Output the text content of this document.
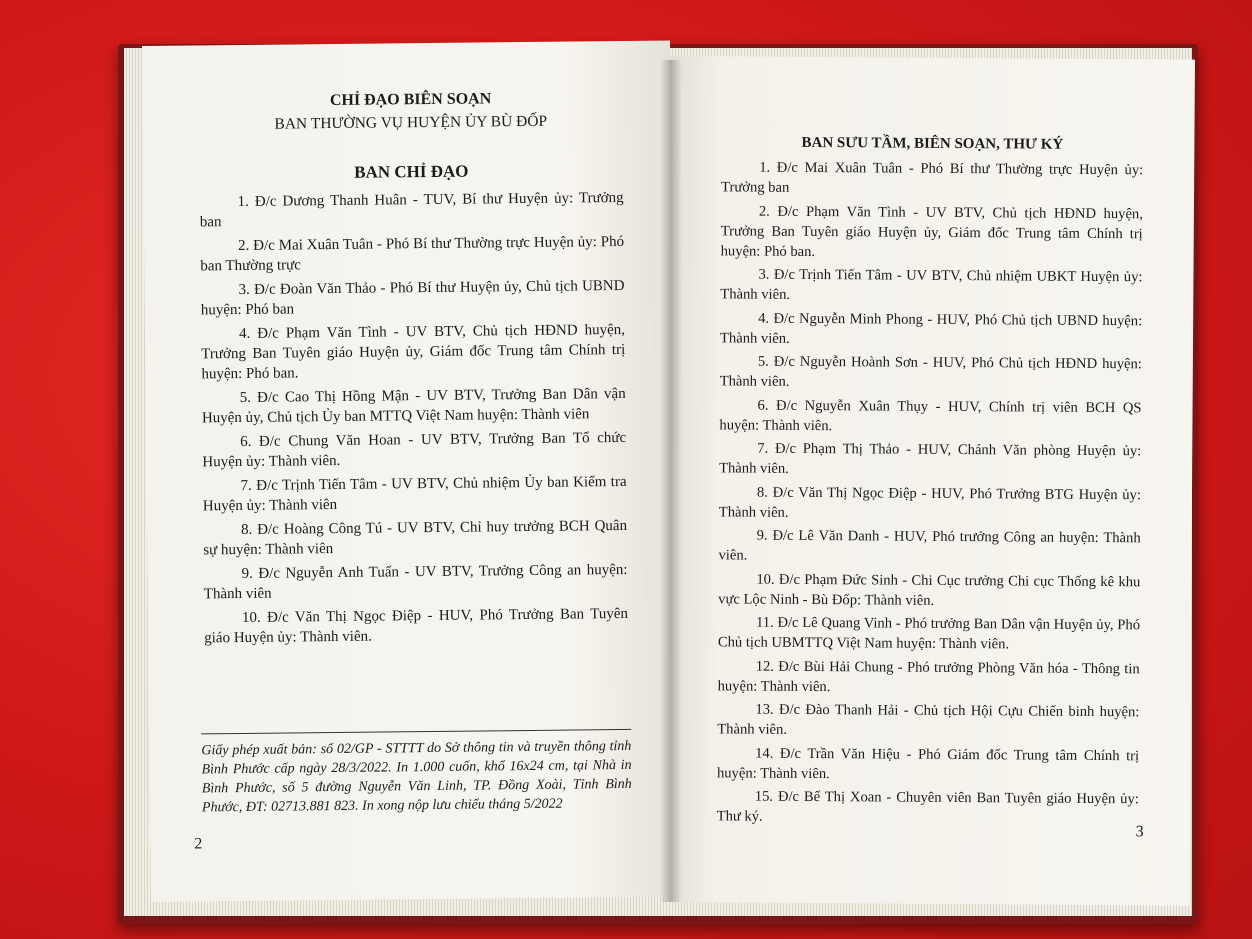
CHỈ ĐẠO BIÊN SOẠN
BAN THƯỜNG VỤ HUYỆN ỦY BÙ ĐỐP
BAN CHỈ ĐẠO

1. Đ/c Dương Thanh Huân - TUV, Bí thư Huyện ủy: Trưởng ban

2. Đ/c Mai Xuân Tuân - Phó Bí thư Thường trực Huyện ủy: Phó ban Thường trực

3. Đ/c Đoàn Văn Thảo - Phó Bí thư Huyện ủy, Chủ tịch UBND huyện: Phó ban

4. Đ/c Phạm Văn Tình - UV BTV, Chủ tịch HĐND huyện, Trưởng Ban Tuyên giáo Huyện ủy, Giám đốc Trung tâm Chính trị huyện: Phó ban.

5. Đ/c Cao Thị Hồng Mận - UV BTV, Trưởng Ban Dân vận Huyện ủy, Chủ tịch Ủy ban MTTQ Việt Nam huyện: Thành viên

6. Đ/c Chung Văn Hoan - UV BTV, Trưởng Ban Tổ chức Huyện ủy: Thành viên.

7. Đ/c Trịnh Tiến Tâm - UV BTV, Chủ nhiệm Ủy ban Kiểm tra Huyện ủy: Thành viên

8. Đ/c Hoàng Công Tú - UV BTV, Chỉ huy trưởng BCH Quân sự huyện: Thành viên

9. Đ/c Nguyễn Anh Tuấn - UV BTV, Trưởng Công an huyện: Thành viên

10. Đ/c Văn Thị Ngọc Điệp - HUV, Phó Trưởng Ban Tuyên giáo Huyện ủy: Thành viên.

Giấy phép xuất bản: số 02/GP - STTTT do Sở thông tin và truyền thông tỉnh Bình Phước cấp ngày 28/3/2022. In 1.000 cuốn, khổ 16x24 cm, tại Nhà in Bình Phước, số 5 đường Nguyễn Văn Linh, TP. Đồng Xoài, Tỉnh Bình Phước, ĐT: 02713.881 823. In xong nộp lưu chiểu tháng 5/2022

2
BAN SƯU TẦM, BIÊN SOẠN, THƯ KÝ

1. Đ/c Mai Xuân Tuân - Phó Bí thư Thường trực Huyện ủy: Trưởng ban

2. Đ/c Phạm Văn Tình - UV BTV, Chủ tịch HĐND huyện, Trưởng Ban Tuyên giáo Huyện ủy, Giám đốc Trung tâm Chính trị huyện: Phó ban.

3. Đ/c Trịnh Tiến Tâm - UV BTV, Chủ nhiệm UBKT Huyện ủy: Thành viên.

4. Đ/c Nguyễn Minh Phong - HUV, Phó Chủ tịch UBND huyện: Thành viên.

5. Đ/c Nguyễn Hoành Sơn - HUV, Phó Chủ tịch HĐND huyện: Thành viên.

6. Đ/c Nguyễn Xuân Thụy - HUV, Chính trị viên BCH QS huyện: Thành viên.

7. Đ/c Phạm Thị Thảo - HUV, Chánh Văn phòng Huyện ủy: Thành viên.

8. Đ/c Văn Thị Ngọc Điệp - HUV, Phó Trưởng BTG Huyện ủy: Thành viên.

9. Đ/c Lê Văn Danh - HUV, Phó trưởng Công an huyện: Thành viên.

10. Đ/c Phạm Đức Sinh - Chi Cục trưởng Chi cục Thống kê khu vực Lộc Ninh - Bù Đốp: Thành viên.

11. Đ/c Lê Quang Vinh - Phó trưởng Ban Dân vận Huyện ủy, Phó Chủ tịch UBMTTQ Việt Nam huyện: Thành viên.

12. Đ/c Bùi Hải Chung - Phó trưởng Phòng Văn hóa - Thông tin huyện: Thành viên.

13. Đ/c Đào Thanh Hải - Chủ tịch Hội Cựu Chiến binh huyện: Thành viên.

14. Đ/c Trần Văn Hiệu - Phó Giám đốc Trung tâm Chính trị huyện: Thành viên.

15. Đ/c Bế Thị Xoan - Chuyên viên Ban Tuyên giáo Huyện ủy: Thư ký.

3
